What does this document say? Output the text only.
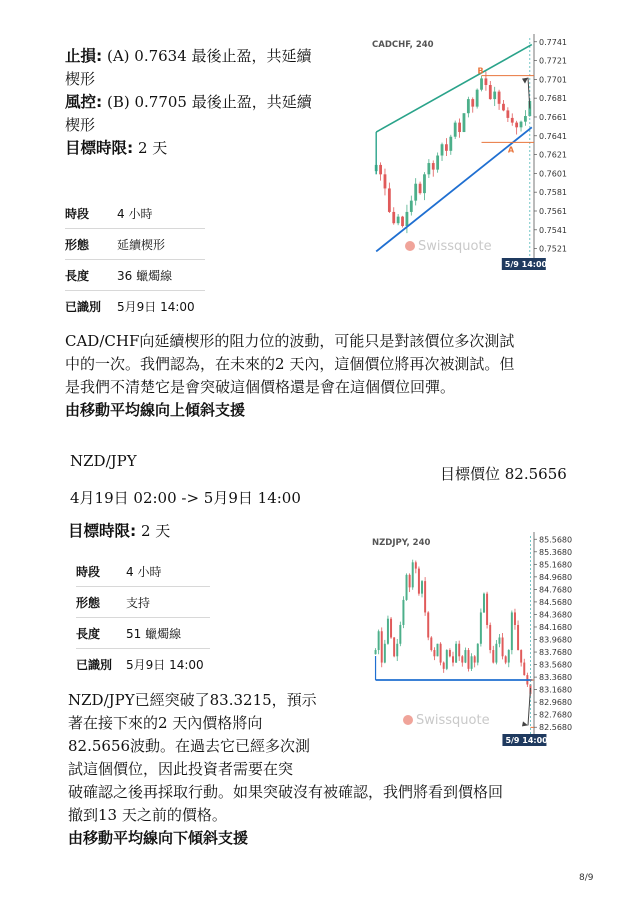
止損: (A) 0.7634 最後止盈，共延續
楔形
風控: (B) 0.7705 最後止盈，共延續
楔形
目標時限: 2 天
時段	4 小時
形態	延續楔形
長度	36 蠟燭線
已識別	5月9日 14:00
0.7741
0.7721
0.7701
0.7681
0.7661
0.7641
0.7621
0.7601
0.7581
0.7561
0.7541
0.7521
CADCHF, 240
Swissquote
5/9 14:00
B
A
CAD/CHF向延續楔形的阻力位的波動，可能只是對該價位多次測試
中的一次。我們認為，在未來的2 天內，這個價位將再次被測試。但
是我們不清楚它是會突破這個價格還是會在這個價位回彈。
由移動平均線向上傾斜支援
NZD/JPY
目標價位 82.5656
4月19日 02:00 -> 5月9日 14:00
目標時限: 2 天
時段	4 小時
形態	支持
長度	51 蠟燭線
已識別	5月9日 14:00
85.5680
85.3680
85.1680
84.9680
84.7680
84.5680
84.3680
84.1680
83.9680
83.7680
83.5680
83.3680
83.1680
82.9680
82.7680
82.5680
NZDJPY, 240
Swissquote
5/9 14:00
NZD/JPY已經突破了83.3215，預示
著在接下來的2 天內價格將向
82.5656波動。在過去它已經多次測
試這個價位，因此投資者需要在突
破確認之後再採取行動。如果突破沒有被確認，我們將看到價格回
撤到13 天之前的價格。
由移動平均線向下傾斜支援
8/9
